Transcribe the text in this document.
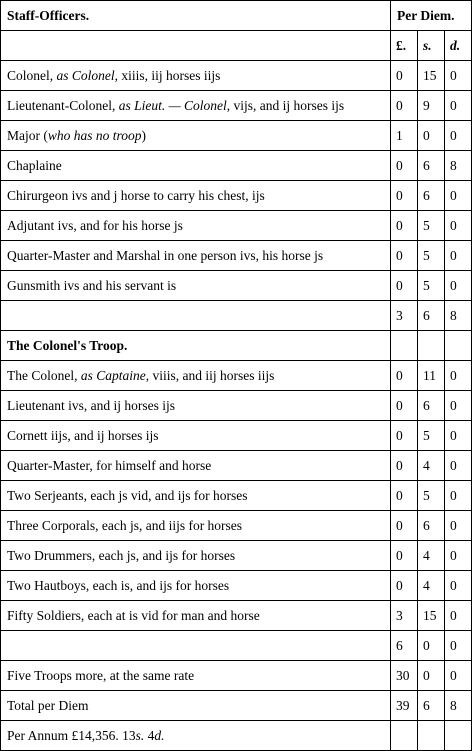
Staff-Officers.	Per Diem.		
	£.	s.	d.
Colonel, as Colonel, xiiis, iij horses iijs	0	15	0
Lieutenant-Colonel, as Lieut. — Colonel, vijs, and ij horses ijs	0	9	0
Major (who has no troop)	1	0	0
Chaplaine	0	6	8
Chirurgeon ivs and j horse to carry his chest, ijs	0	6	0
Adjutant ivs, and for his horse js	0	5	0
Quarter-Master and Marshal in one person ivs, his horse js	0	5	0
Gunsmith ivs and his servant is	0	5	0
	3	6	8
The Colonel's Troop.			
The Colonel, as Captaine, viiis, and iij horses iijs	0	11	0
Lieutenant ivs, and ij horses ijs	0	6	0
Cornett iijs, and ij horses ijs	0	5	0
Quarter-Master, for himself and horse	0	4	0
Two Serjeants, each js vid, and ijs for horses	0	5	0
Three Corporals, each js, and iijs for horses	0	6	0
Two Drummers, each js, and ijs for horses	0	4	0
Two Hautboys, each is, and ijs for horses	0	4	0
Fifty Soldiers, each at is vid for man and horse	3	15	0
	6	0	0
Five Troops more, at the same rate	30	0	0
Total per Diem	39	6	8
Per Annum £14,356. 13s. 4d.			
